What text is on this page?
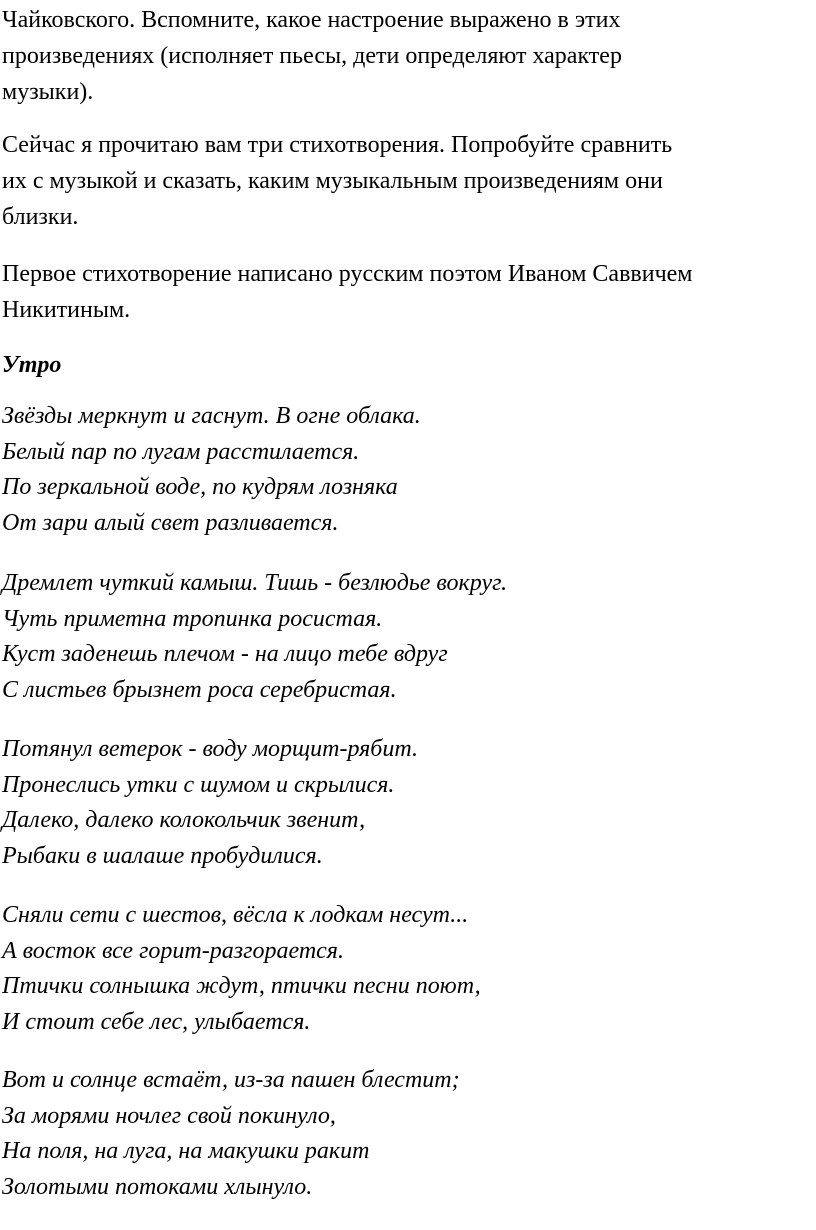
Чайковского. Вспомните, какое настроение выражено в этих
произведениях (исполняет пьесы, дети определяют характер
музыки).
Сейчас я прочитаю вам три стихотворения. Попробуйте сравнить
их с музыкой и сказать, каким музыкальным произведениям они
близки.
Первое стихотворение написано русским поэтом Иваном Саввичем
Никитиным.
Утро
Звёзды меркнут и гаснут. В огне облака.
Белый пар по лугам расстилается.
По зеркальной воде, по кудрям лозняка
От зари алый свет разливается.
Дремлет чуткий камыш. Тишь - безлюдье вокруг.
Чуть приметна тропинка росистая.
Куст заденешь плечом - на лицо тебе вдруг
С листьев брызнет роса серебристая.
Потянул ветерок - воду морщит-рябит.
Пронеслись утки с шумом и скрылися.
Далеко, далеко колокольчик звенит,
Рыбаки в шалаше пробудилися.
Сняли сети с шестов, вёсла к лодкам несут...
А восток все горит-разгорается.
Птички солнышка ждут, птички песни поют,
И стоит себе лес, улыбается.
Вот и солнце встаёт, из-за пашен блестит;
За морями ночлег свой покинуло,
На поля, на луга, на макушки ракит
Золотыми потоками хлынуло.
